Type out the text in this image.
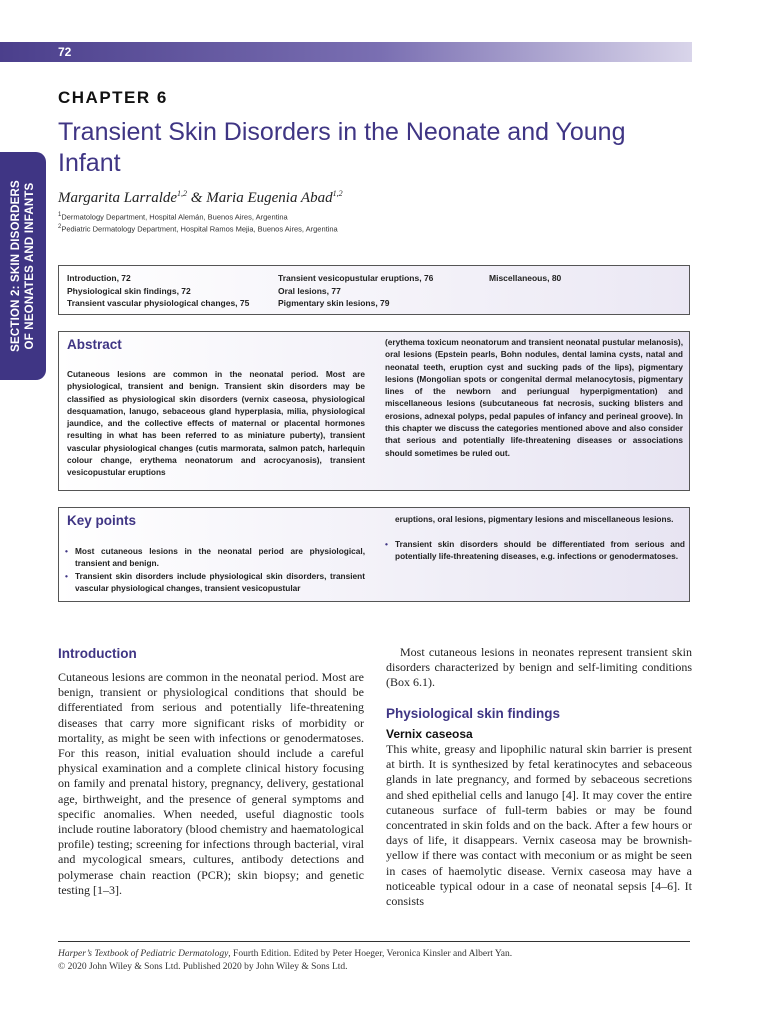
72
SECTION 2: SKIN DISORDERS OF NEONATES AND INFANTS
CHAPTER 6
Transient Skin Disorders in the Neonate and Young Infant
Margarita Larralde$^{1,2}$ & Maria Eugenia Abad$^{1,2}$
$^1$Dermatology Department, Hospital Alemán, Buenos Aires, Argentina
$^2$Pediatric Dermatology Department, Hospital Ramos Mejia, Buenos Aires, Argentina
Introduction, 72
Physiological skin findings, 72
Transient vascular physiological changes, 75
Transient vesicopustular eruptions, 76
Oral lesions, 77
Pigmentary skin lesions, 79
Miscellaneous, 80
Abstract
Cutaneous lesions are common in the neonatal period. Most are physiological, transient and benign. Transient skin disorders may be classified as physiological skin disorders (vernix caseosa, physiological desquamation, lanugo, sebaceous gland hyperplasia, milia, physiological jaundice, and the collective effects of maternal or placental hormones resulting in what has been referred to as miniature puberty), transient vascular physiological changes (cutis marmorata, salmon patch, harlequin colour change, erythema neonatorum and acrocyanosis), transient vesicopustular eruptions
(erythema toxicum neonatorum and transient neonatal pustular melanosis), oral lesions (Epstein pearls, Bohn nodules, dental lamina cysts, natal and neonatal teeth, eruption cyst and sucking pads of the lips), pigmentary lesions (Mongolian spots or congenital dermal melanocytosis, pigmentary lines of the newborn and periungual hyperpigmentation) and miscellaneous lesions (subcutaneous fat necrosis, sucking blisters and erosions, adnexal polyps, pedal papules of infancy and perineal groove). In this chapter we discuss the categories mentioned above and also consider that serious and potentially life-threatening diseases or associations should sometimes be ruled out.
Key points
• Most cutaneous lesions in the neonatal period are physiological, transient and benign.
• Transient skin disorders include physiological skin disorders, transient vascular physiological changes, transient vesicopustular
eruptions, oral lesions, pigmentary lesions and miscellaneous lesions.
• Transient skin disorders should be differentiated from serious and potentially life-threatening diseases, e.g. infections or genodermatoses.
Introduction

Cutaneous lesions are common in the neonatal period. Most are benign, transient or physiological conditions that should be differentiated from serious and potentially life-threatening diseases that carry more significant risks of morbidity or mortality, as might be seen with infections or genodermatoses. For this reason, initial evaluation should include a careful physical examination and a complete clinical history focusing on family and prenatal history, pregnancy, delivery, gestational age, birthweight, and the presence of general symptoms and specific anomalies. When needed, useful diagnostic tools include routine laboratory (blood chemistry and haematological profile) testing; screening for infections through bacterial, viral and mycological smears, cultures, antibody detections and polymerase chain reaction (PCR); skin biopsy; and genetic testing [1–3].

Most cutaneous lesions in neonates represent transient skin disorders characterized by benign and self-limiting conditions (Box 6.1).

Physiological skin findings
Vernix caseosa

This white, greasy and lipophilic natural skin barrier is present at birth. It is synthesized by fetal keratinocytes and sebaceous glands in late pregnancy, and formed by sebaceous secretions and shed epithelial cells and lanugo [4]. It may cover the entire cutaneous surface of full-term babies or may be found concentrated in skin folds and on the back. After a few hours or days of life, it disappears. Vernix caseosa may be brownish-yellow if there was contact with meconium or as might be seen in cases of haemolytic disease. Vernix caseosa may have a noticeable typical odour in a case of neonatal sepsis [4–6]. It consists

Harper’s Textbook of Pediatric Dermatology, Fourth Edition. Edited by Peter Hoeger, Veronica Kinsler and Albert Yan.
© 2020 John Wiley & Sons Ltd. Published 2020 by John Wiley & Sons Ltd.
